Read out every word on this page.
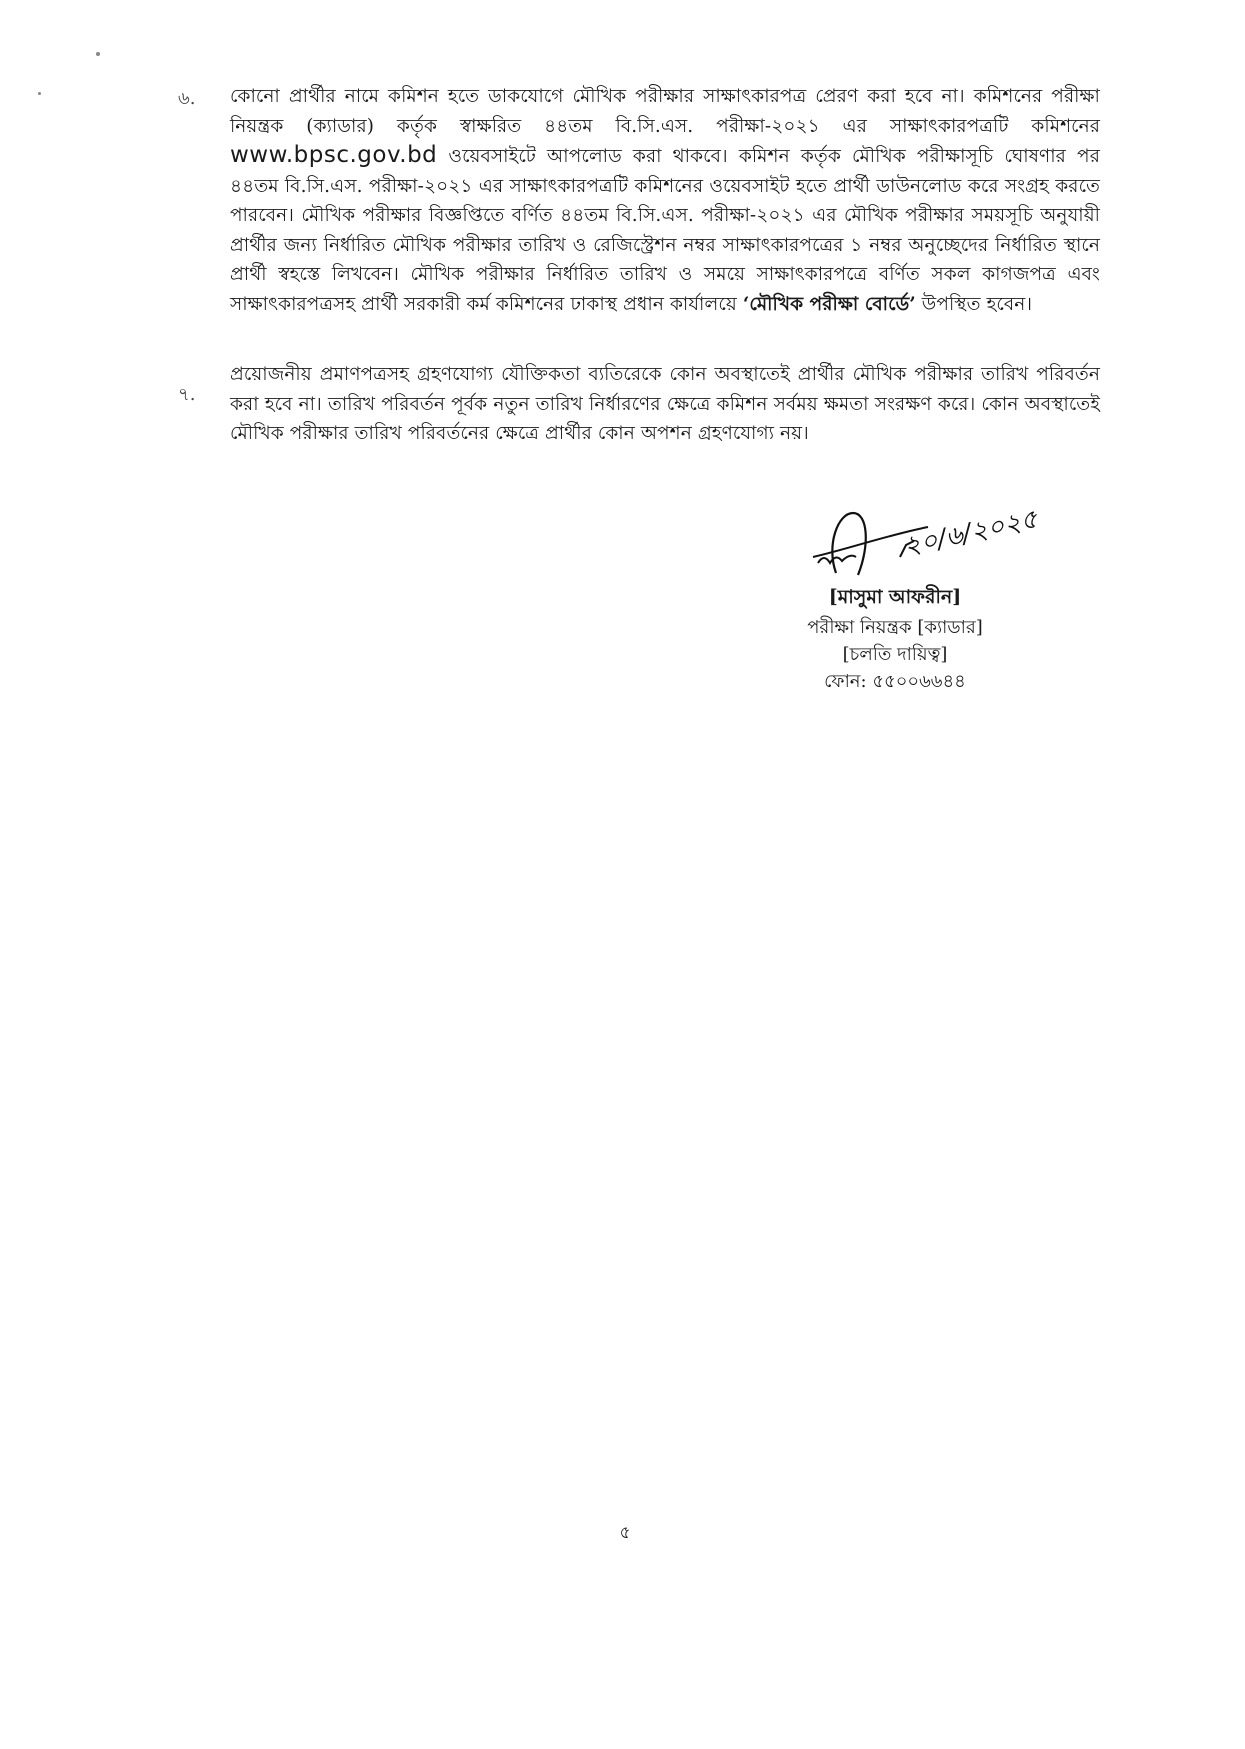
৬. কোনো প্রার্থীর নামে কমিশন হতে ডাকযোগে মৌখিক পরীক্ষার সাক্ষাৎকারপত্র প্রেরণ করা হবে না। কমিশনের পরীক্ষা নিয়ন্ত্রক (ক্যাডার) কর্তৃক স্বাক্ষরিত ৪৪তম বি.সি.এস. পরীক্ষা-২০২১ এর সাক্ষাৎকারপত্রটি কমিশনের www.bpsc.gov.bd ওয়েবসাইটে আপলোড করা থাকবে। কমিশন কর্তৃক মৌখিক পরীক্ষাসূচি ঘোষণার পর ৪৪তম বি.সি.এস. পরীক্ষা-২০২১ এর সাক্ষাৎকারপত্রটি কমিশনের ওয়েবসাইট হতে প্রার্থী ডাউনলোড করে সংগ্রহ করতে পারবেন। মৌখিক পরীক্ষার বিজ্ঞপ্তিতে বর্ণিত ৪৪তম বি.সি.এস. পরীক্ষা-২০২১ এর মৌখিক পরীক্ষার সময়সূচি অনুযায়ী প্রার্থীর জন্য নির্ধারিত মৌখিক পরীক্ষার তারিখ ও রেজিস্ট্রেশন নম্বর সাক্ষাৎকারপত্রের ১ নম্বর অনুচ্ছেদের নির্ধারিত স্থানে প্রার্থী স্বহস্তে লিখবেন। মৌখিক পরীক্ষার নির্ধারিত তারিখ ও সময়ে সাক্ষাৎকারপত্রে বর্ণিত সকল কাগজপত্র এবং সাক্ষাৎকারপত্রসহ প্রার্থী সরকারী কর্ম কমিশনের ঢাকাস্থ প্রধান কার্যালয়ে ‘মৌখিক পরীক্ষা বোর্ডে’ উপস্থিত হবেন।
৭.
প্রয়োজনীয় প্রমাণপত্রসহ গ্রহণযোগ্য যৌক্তিকতা ব্যতিরেকে কোন অবস্থাতেই প্রার্থীর মৌখিক পরীক্ষার তারিখ পরিবর্তন করা হবে না। তারিখ পরিবর্তন পূর্বক নতুন তারিখ নির্ধারণের ক্ষেত্রে কমিশন সর্বময় ক্ষমতা সংরক্ষণ করে। কোন অবস্থাতেই মৌখিক পরীক্ষার তারিখ পরিবর্তনের ক্ষেত্রে প্রার্থীর কোন অপশন গ্রহণযোগ্য নয়।
২০/৬/২০২৫
[মাসুমা আফরীন]
পরীক্ষা নিয়ন্ত্রক [ক্যাডার]
[চলতি দায়িত্ব]
ফোন: ৫৫০০৬৬৪৪
৫
